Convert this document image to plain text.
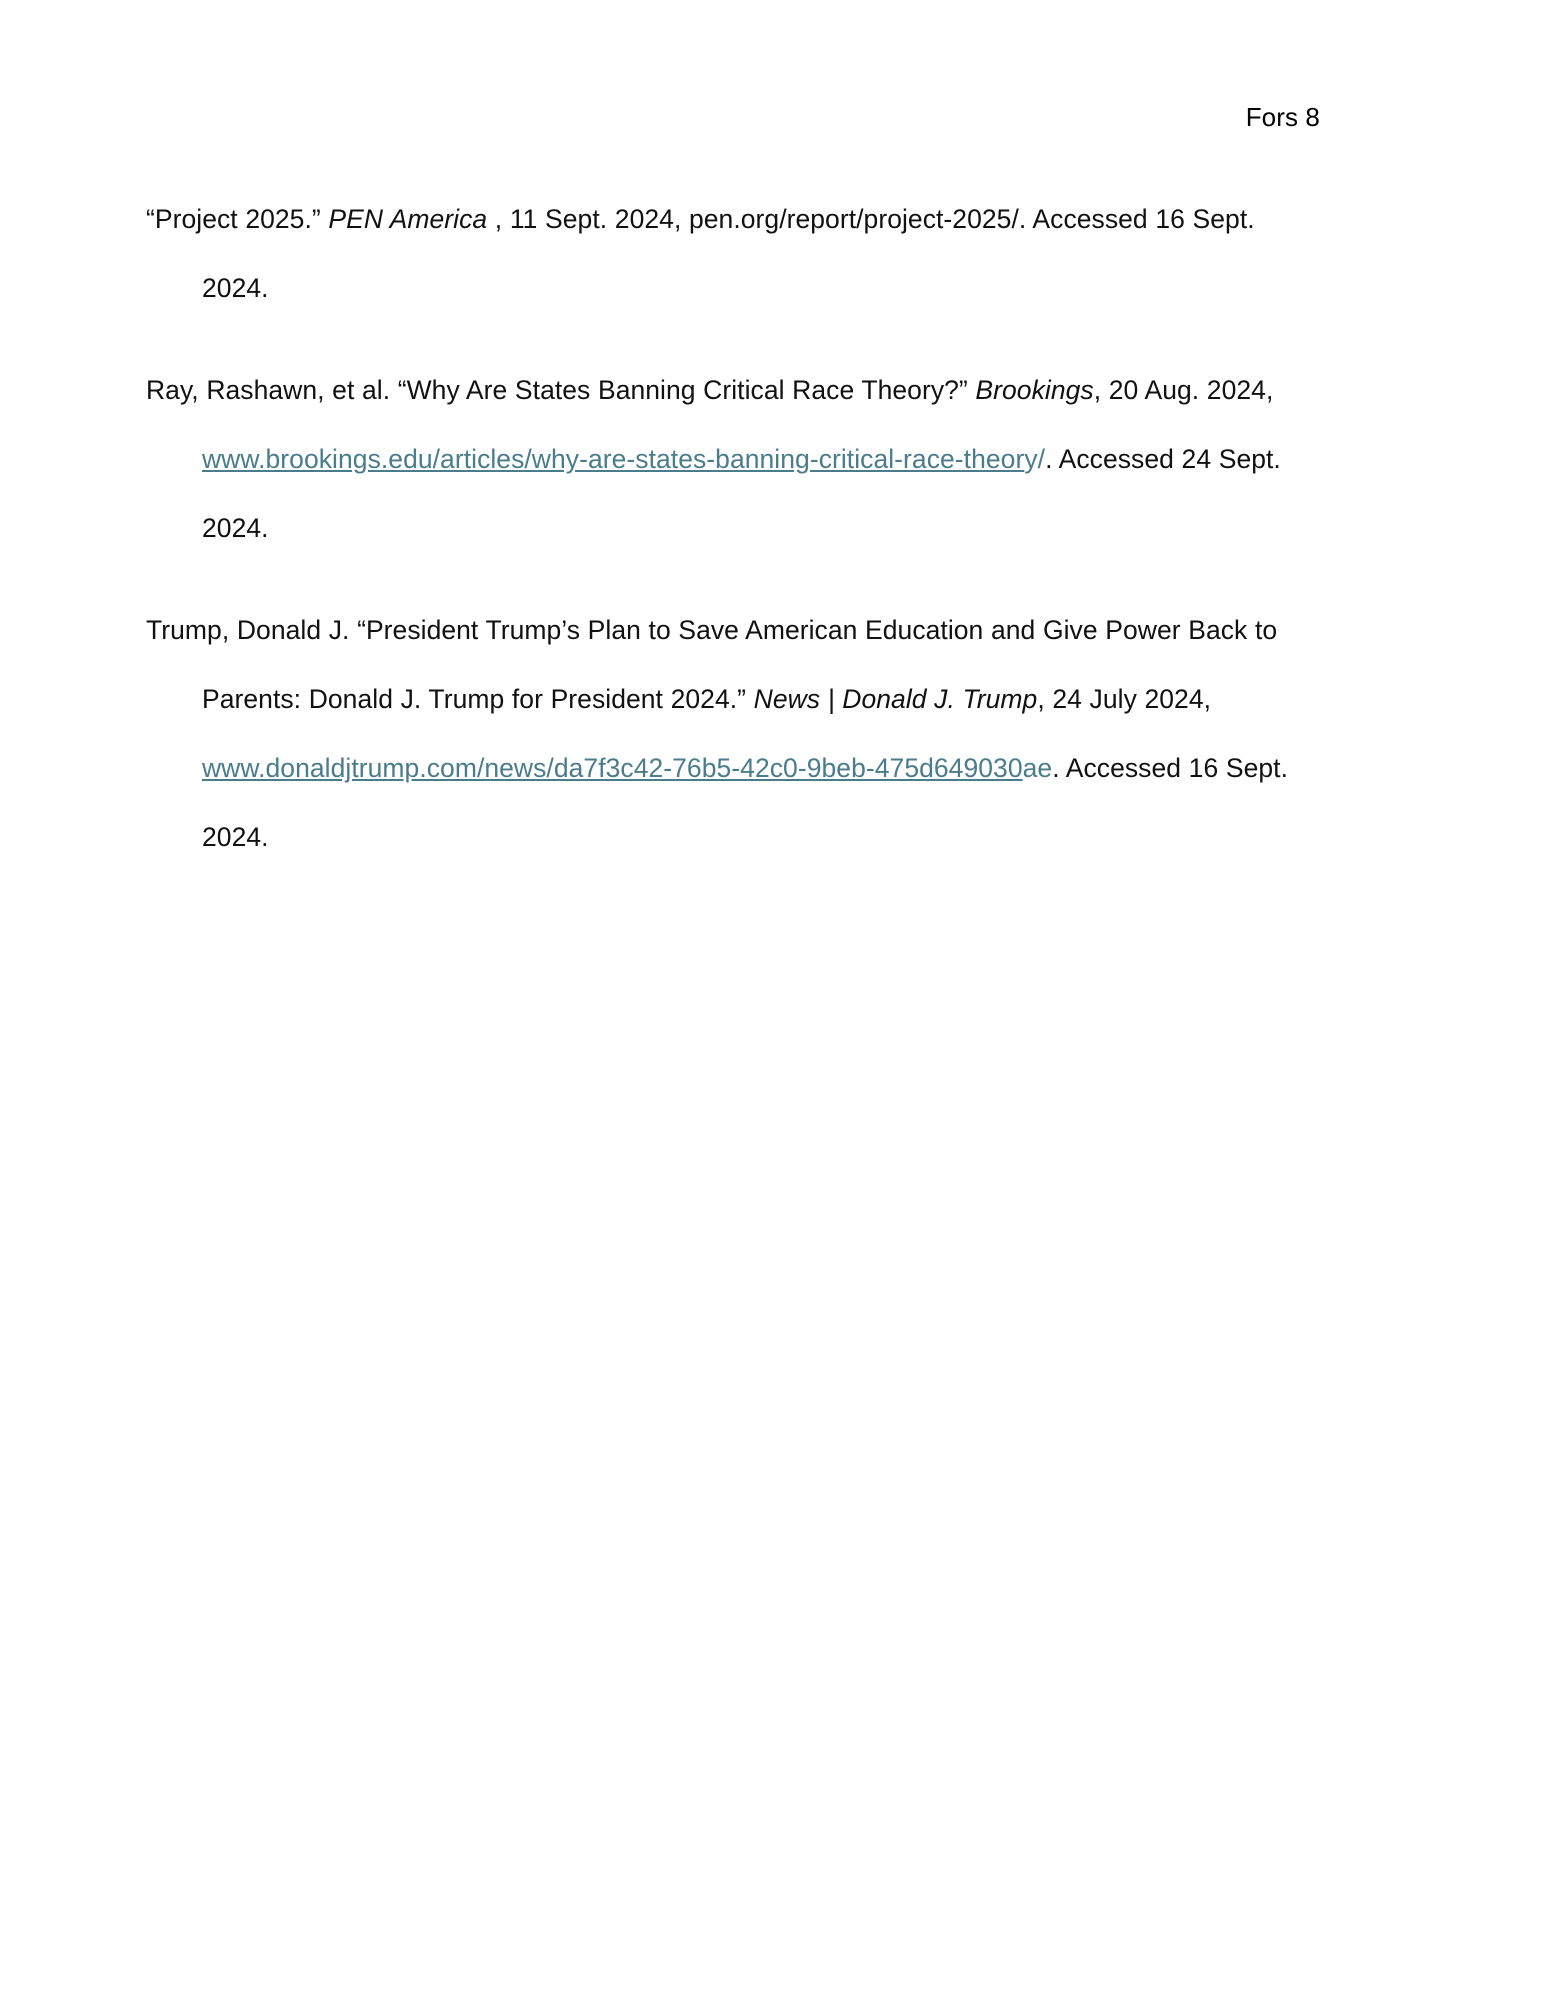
Fors 8

“Project 2025.” PEN America , 11 Sept. 2024, pen.org/report/project-2025/. Accessed 16 Sept. 2024.

Ray, Rashawn, et al. “Why Are States Banning Critical Race Theory?” Brookings, 20 Aug. 2024, www.brookings.edu/articles/why-are-states-banning-critical-race-theory/. Accessed 24 Sept. 2024.

Trump, Donald J. “President Trump’s Plan to Save American Education and Give Power Back to Parents: Donald J. Trump for President 2024.” News | Donald J. Trump, 24 July 2024, www.donaldjtrump.com/news/da7f3c42-76b5-42c0-9beb-475d649030ae. Accessed 16 Sept. 2024.
